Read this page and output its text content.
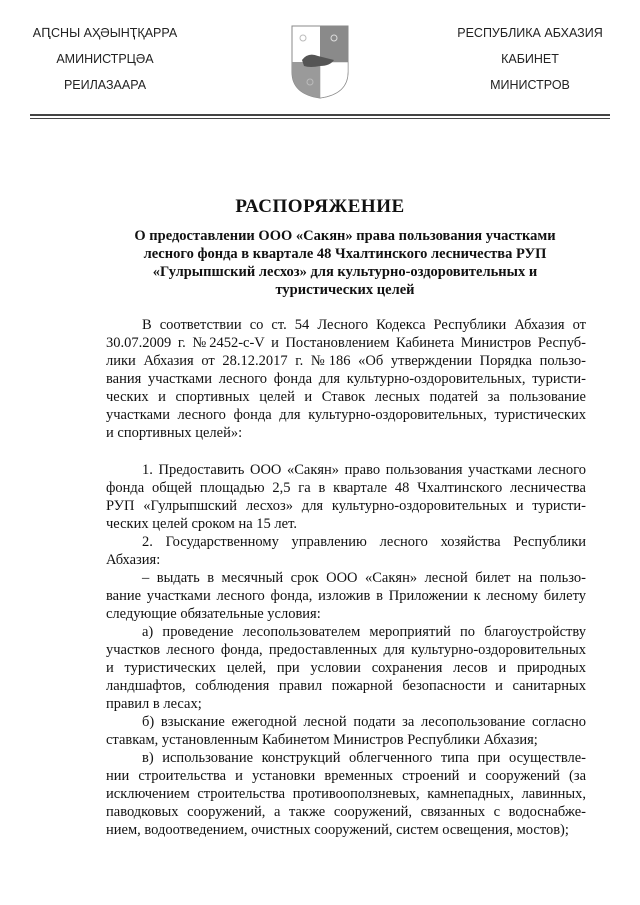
АԤСНЫ АҲӘЫНҬҚАРРА
АМИНИСТРЦӘА
РЕИЛАЗААРА
РЕСПУБЛИКА АБХАЗИЯ
КАБИНЕТ
МИНИСТРОВ
РАСПОРЯЖЕНИЕ
О предоставлении ООО «Сакян» права пользования участками
лесного фонда в квартале 48 Чхалтинского лесничества РУП
«Гулрыпшский лесхоз» для культурно-оздоровительных и
туристических целей
В соответствии со ст. 54 Лесного Кодекса Республики Абхазия от
30.07.2009 г. №2452-с-V и Постановлением Кабинета Министров Респуб-
лики Абхазия от 28.12.2017 г. №186 «Об утверждении Порядка пользо-
вания участками лесного фонда для культурно-оздоровительных, туристи-
ческих и спортивных целей и Ставок лесных податей за пользование
участками лесного фонда для культурно-оздоровительных, туристических
и спортивных целей»:
1. Предоставить ООО «Сакян» право пользования участками лесного
фонда общей площадью 2,5 га в квартале 48 Чхалтинского лесничества
РУП «Гулрыпшский лесхоз» для культурно-оздоровительных и туристи-
ческих целей сроком на 15 лет.
2. Государственному управлению лесного хозяйства Республики
Абхазия:
– выдать в месячный срок ООО «Сакян» лесной билет на пользо-
вание участками лесного фонда, изложив в Приложении к лесному билету
следующие обязательные условия:
а) проведение лесопользователем мероприятий по благоустройству
участков лесного фонда, предоставленных для культурно-оздоровительных
и туристических целей, при условии сохранения лесов и природных
ландшафтов, соблюдения правил пожарной безопасности и санитарных
правил в лесах;
б) взыскание ежегодной лесной подати за лесопользование согласно
ставкам, установленным Кабинетом Министров Республики Абхазия;
в) использование конструкций облегченного типа при осуществле-
нии строительства и установки временных строений и сооружений (за
исключением строительства противооползневых, камнепадных, лавинных,
паводковых сооружений, а также сооружений, связанных с водоснабже-
нием, водоотведением, очистных сооружений, систем освещения, мостов);
